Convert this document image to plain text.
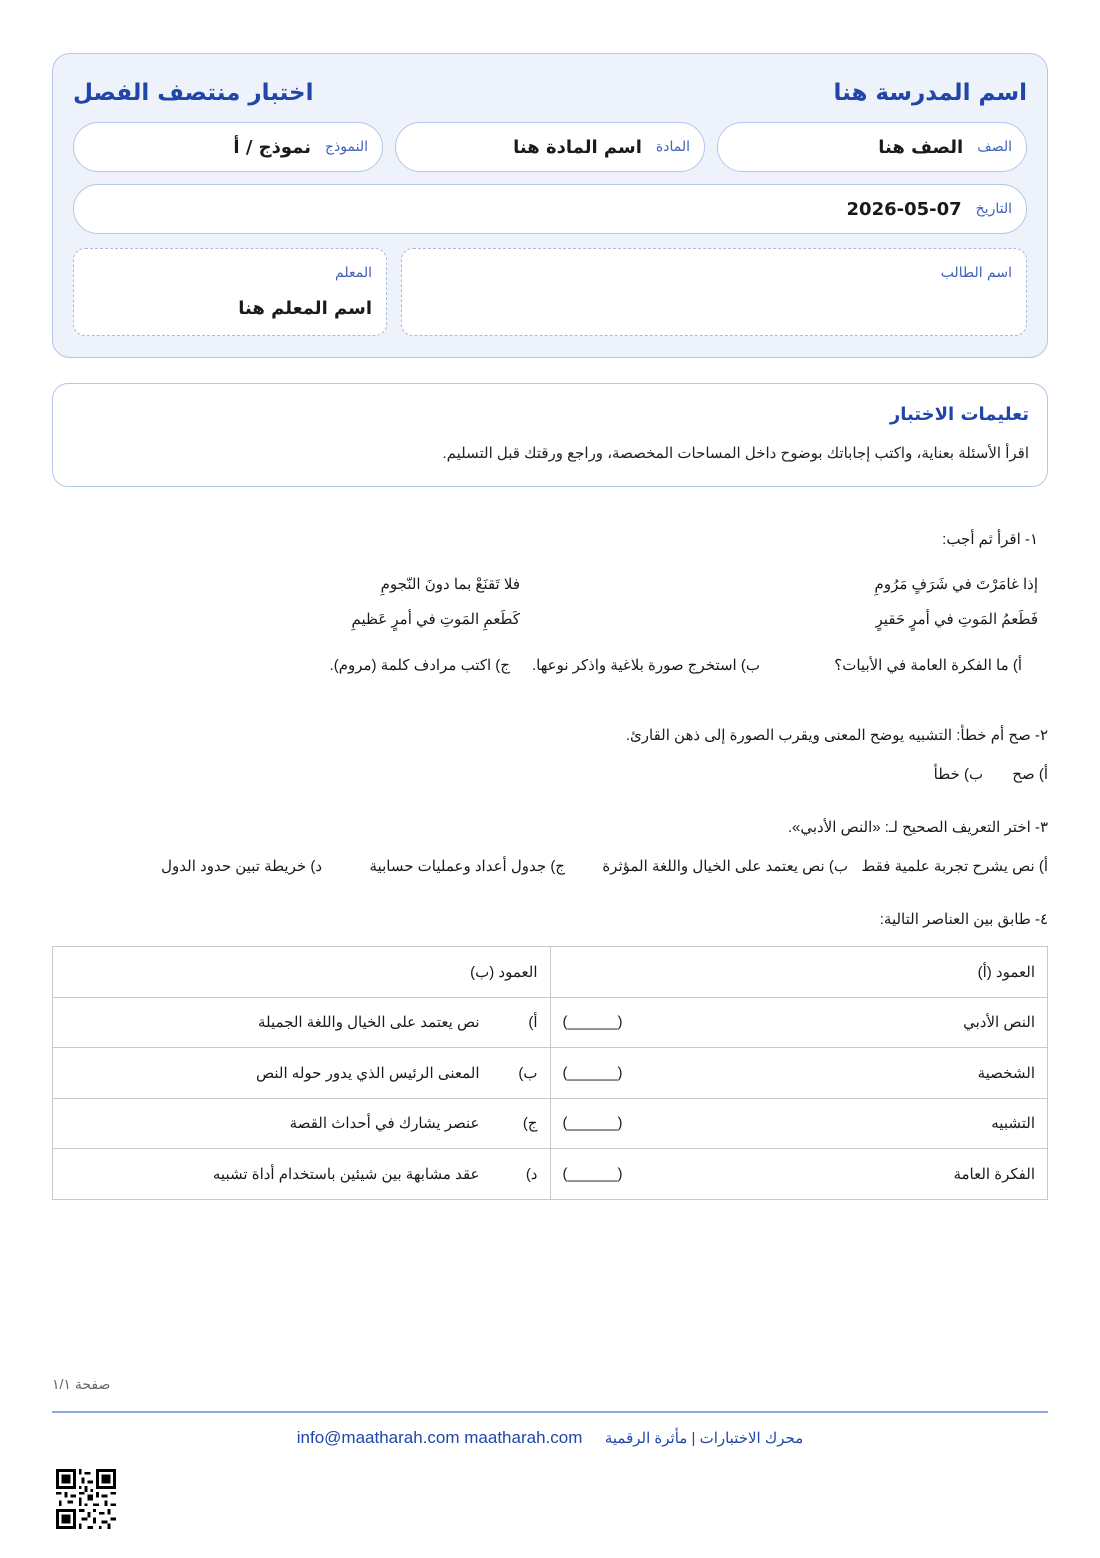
اسم المدرسة هنا
اختبار منتصف الفصل
الصف
الصف هنا
المادة
اسم المادة هنا
النموذج
نموذج / أ
التاريخ
2026-05-07
اسم الطالب
المعلم
اسم المعلم هنا
تعليمات الاختبار
اقرأ الأسئلة بعناية، واكتب إجاباتك بوضوح داخل المساحات المخصصة، وراجع ورقتك قبل التسليم.
١- اقرأ ثم أجب:
إذا غامَرْتَ في شَرَفٍ مَرُومِ
فلا تَقنَعْ بما دونَ النّجومِ
فَطَعمُ المَوتِ في أمرٍ حَقيرٍ
كَطَعمِ المَوتِ في أمرٍ عَظيمِ
أ) ما الفكرة العامة في الأبيات؟
ب) استخرج صورة بلاغية واذكر نوعها.
ج) اكتب مرادف كلمة (مروم).
٢- صح أم خطأ: التشبيه يوضح المعنى ويقرب الصورة إلى ذهن القارئ.
أ) صح       ب) خطأ
٣- اختر التعريف الصحيح لـ: «النص الأدبي».
أ) نص يشرح تجربة علمية فقط
ب) نص يعتمد على الخيال واللغة المؤثرة
ج) جدول أعداد وعمليات حسابية
د) خريطة تبين حدود الدول
٤- طابق بين العناصر التالية:
العمود (أ)	العمود (ب)

النص الأدبي
(______)	أ)
نص يعتمد على الخيال واللغة الجميلة

الشخصية
(______)	ب)
المعنى الرئيس الذي يدور حوله النص

التشبيه
(______)	ج)
عنصر يشارك في أحداث القصة

الفكرة العامة
(______)	د)
عقد مشابهة بين شيئين باستخدام أداة تشبيه
صفحة ١/١
محرك الاختبارات | مأثرة الرقمية info@maatharah.com maatharah.com
